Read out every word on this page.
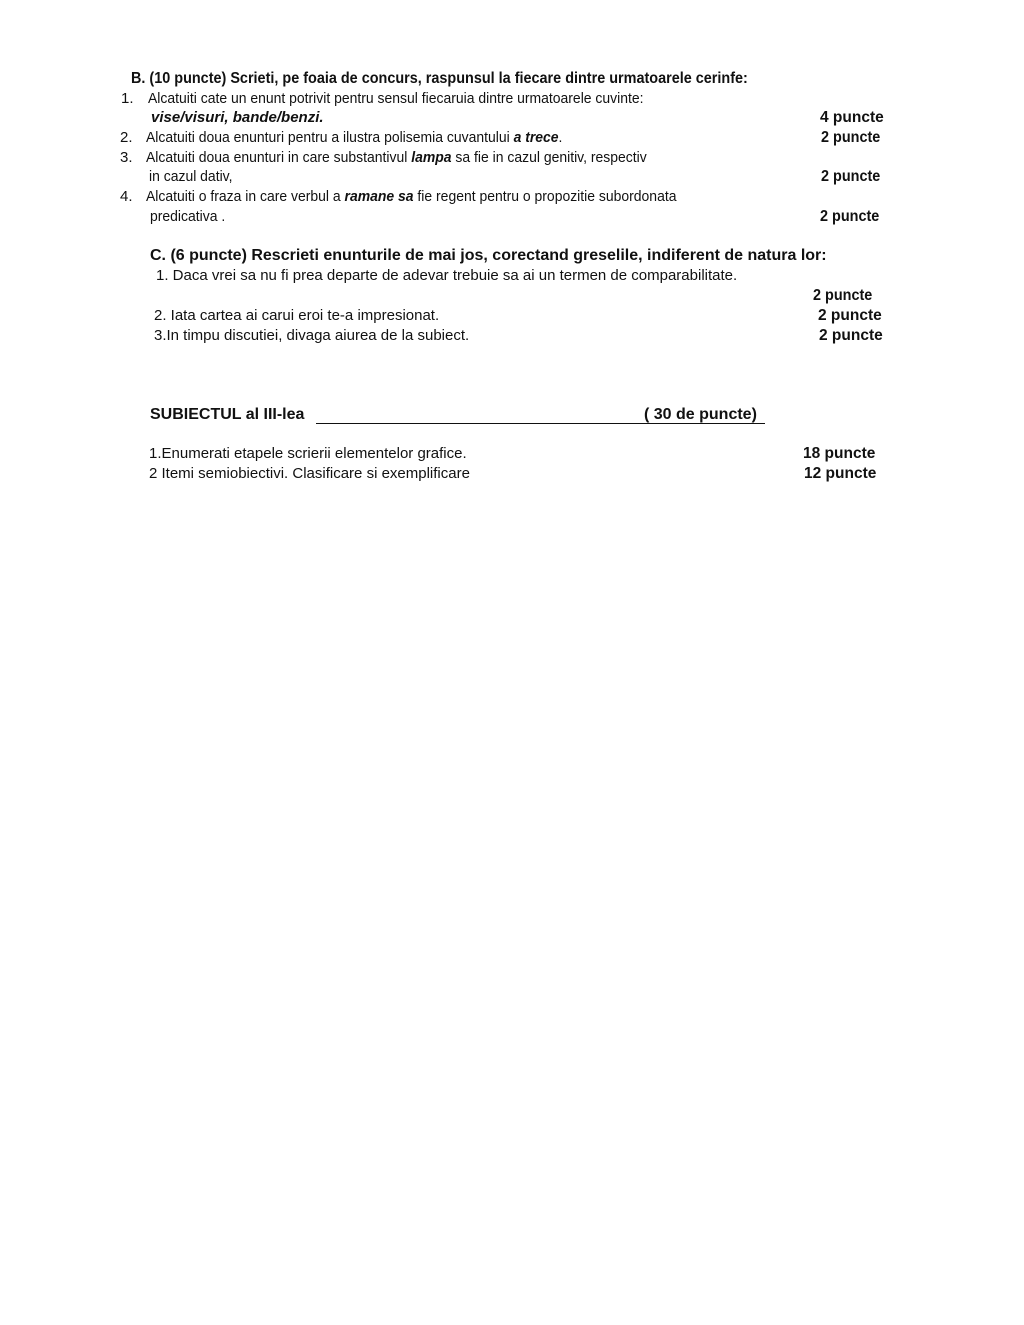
B. (10 puncte) Scrieti, pe foaia de concurs, raspunsul la fiecare dintre urmatoarele cerinfe:
1. Alcatuiti cate un enunt potrivit pentru sensul fiecaruia dintre urmatoarele cuvinte:
vise/visuri, bande/benzi.	4 puncte
2. Alcatuiti doua enunturi pentru a ilustra polisemia cuvantului a trece.	2 puncte
3. Alcatuiti doua enunturi in care substantivul lampa sa fie in cazul genitiv, respectiv
in cazul dativ,	2 puncte
4. Alcatuiti o fraza in care verbul a ramane sa fie regent pentru o propozitie subordonata
predicativa .	2 puncte
C. (6 puncte) Rescrieti enunturile de mai jos, corectand greselile, indiferent de natura lor:
1. Daca vrei sa nu fi prea departe de adevar trebuie sa ai un termen de comparabilitate.
2 puncte
2. Iata cartea ai carui eroi te-a impresionat.	2 puncte
3.In timpu discutiei, divaga aiurea de la subiect.	2 puncte
SUBIECTUL al III-lea	( 30 de puncte)
1.Enumerati etapele scrierii elementelor grafice.	18 puncte
2 Itemi semiobiectivi. Clasificare si exemplificare	12 puncte
